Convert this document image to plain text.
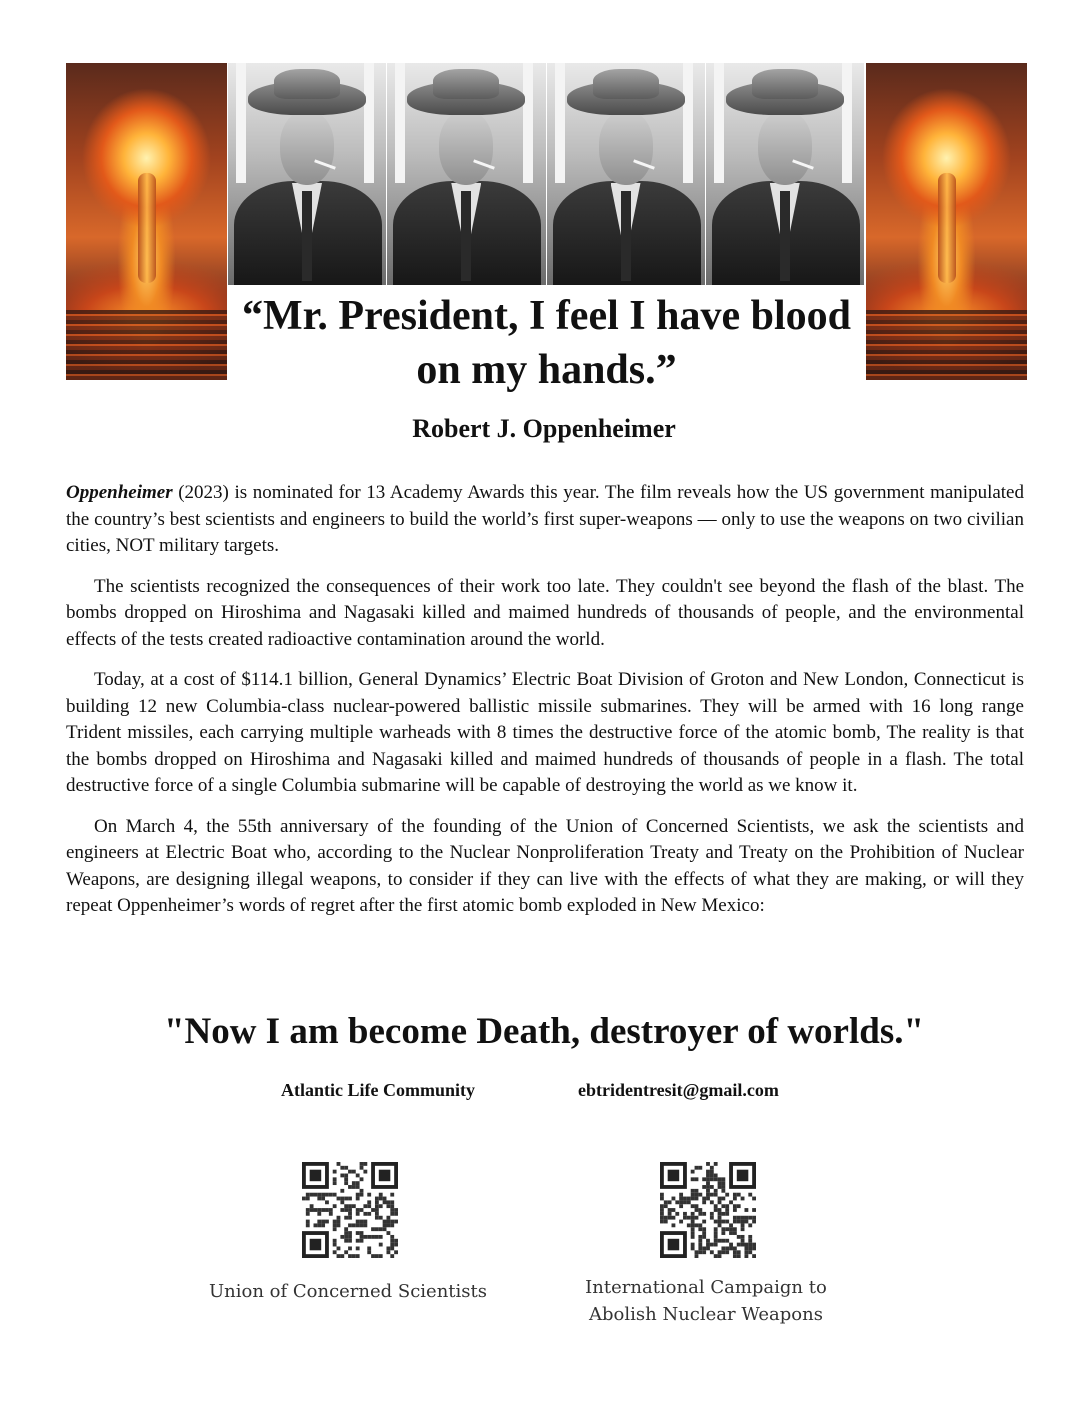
“Mr. President, I feel I have blood on my hands.”
Robert J. Oppenheimer

Oppenheimer (2023) is nominated for 13 Academy Awards this year. The film reveals how the US government manipulated the country’s best scientists and engineers to build the world’s first super-weapons — only to use the weapons on two civilian cities, NOT military targets.

The scientists recognized the consequences of their work too late. They couldn't see beyond the flash of the blast. The bombs dropped on Hiroshima and Nagasaki killed and maimed hundreds of thousands of people, and the environmental effects of the tests created radioactive contamination around the world.

Today, at a cost of $114.1 billion, General Dynamics’ Electric Boat Division of Groton and New London, Connecticut is building 12 new Columbia-class nuclear-powered ballistic missile submarines. They will be armed with 16 long range Trident missiles, each carrying multiple warheads with 8 times the destructive force of the atomic bomb, The reality is that the bombs dropped on Hiroshima and Nagasaki killed and maimed hundreds of thousands of people in a flash. The total destructive force of a single Columbia submarine will be capable of destroying the world as we know it.

On March 4, the 55th anniversary of the founding of the Union of Concerned Scientists, we ask the scientists and engineers at Electric Boat who, according to the Nuclear Nonproliferation Treaty and Treaty on the Prohibition of Nuclear Weapons, are designing illegal weapons, to consider if they can live with the effects of what they are making, or will they repeat Oppenheimer’s words of regret after the first atomic bomb exploded in New Mexico:

"Now I am become Death, destroyer of worlds."
Atlantic Life Community	ebtridentresit@gmail.com
Union of Concerned Scientists	International Campaign to Abolish Nuclear Weapons
